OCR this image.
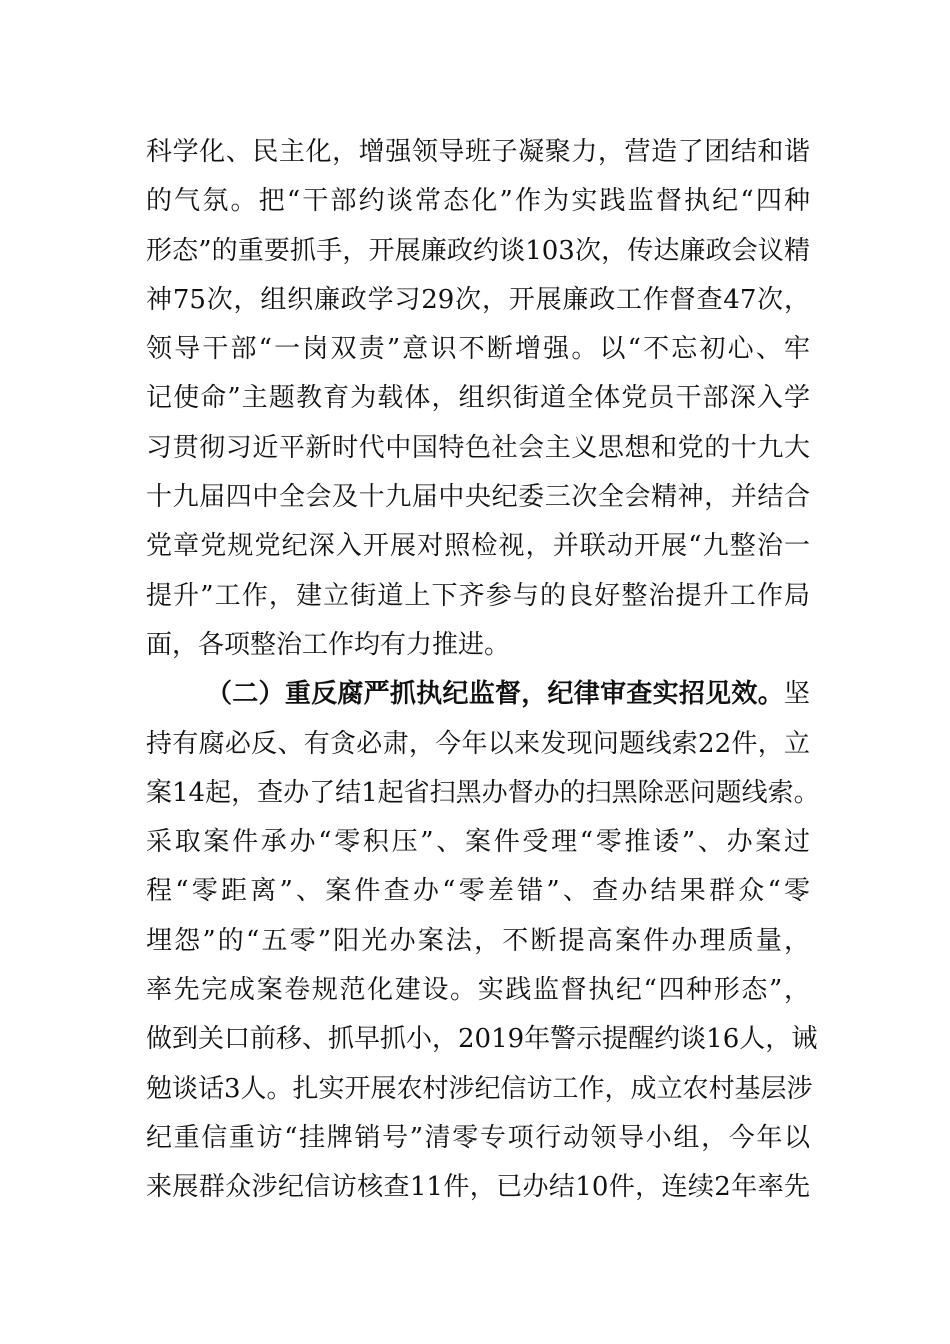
科学化、民主化，增强领导班子凝聚力，营造了团结和谐
的气氛。把“干部约谈常态化”作为实践监督执纪“四种
形态”的重要抓手，开展廉政约谈103次，传达廉政会议精
神75次，组织廉政学习29次，开展廉政工作督查47次，
领导干部“一岗双责”意识不断增强。以“不忘初心、牢
记使命”主题教育为载体，组织街道全体党员干部深入学
习贯彻习近平新时代中国特色社会主义思想和党的十九大
十九届四中全会及十九届中央纪委三次全会精神，并结合
党章党规党纪深入开展对照检视，并联动开展“九整治一
提升”工作，建立街道上下齐参与的良好整治提升工作局
面，各项整治工作均有力推进。
（二）重反腐严抓执纪监督，纪律审查实招见效。坚
持有腐必反、有贪必肃，今年以来发现问题线索22件，立
案14起，查办了结1起省扫黑办督办的扫黑除恶问题线索。
采取案件承办“零积压”、案件受理“零推诿”、办案过
程“零距离”、案件查办“零差错”、查办结果群众“零
埋怨”的“五零”阳光办案法，不断提高案件办理质量，
率先完成案卷规范化建设。实践监督执纪“四种形态”，
做到关口前移、抓早抓小，2019年警示提醒约谈16人，诫
勉谈话3人。扎实开展农村涉纪信访工作，成立农村基层涉
纪重信重访“挂牌销号”清零专项行动领导小组，今年以
来展群众涉纪信访核查11件，已办结10件，连续2年率先
